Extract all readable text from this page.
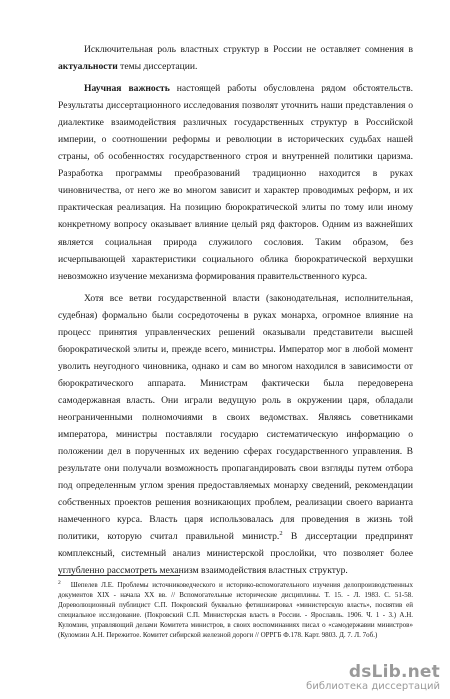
Исключительная роль властных структур в России не оставляет сомнения в актуальности темы диссертации.

Научная важность настоящей работы обусловлена рядом обстоятельств. Результаты диссертационного исследования позволят уточнить наши представления о диалектике взаимодействия различных государственных структур в Российской империи, о соотношении реформы и революции в исторических судьбах нашей страны, об особенностях государственного строя и внутренней политики царизма. Разработка программы преобразований традиционно находится в руках чиновничества, от него же во многом зависит и характер проводимых реформ, и их практическая реализация. На позицию бюрократической элиты по тому или иному конкретному вопросу оказывает влияние целый ряд факторов. Одним из важнейших является социальная природа служилого сословия. Таким образом, без исчерпывающей характеристики социального облика бюрократической верхушки невозможно изучение механизма формирования правительственного курса.

Хотя все ветви государственной власти (законодательная, исполнительная, судебная) формально были сосредоточены в руках монарха, огромное влияние на процесс принятия управленческих решений оказывали представители высшей бюрократической элиты и, прежде всего, министры. Император мог в любой момент уволить неугодного чиновника, однако и сам во многом находился в зависимости от бюрократического аппарата. Министрам фактически была передоверена самодержавная власть. Они играли ведущую роль в окружении царя, обладали неограниченными полномочиями в своих ведомствах. Являясь советниками императора, министры поставляли государю систематическую информацию о положении дел в порученных их ведению сферах государственного управления. В результате они получали возможность пропагандировать свои взгляды путем отбора под определенным углом зрения предоставляемых монарху сведений, рекомендации собственных проектов решения возникающих проблем, реализации своего варианта намеченного курса. Власть царя использовалась для проведения в жизнь той политики, которую считал правильной министр.$^2$ В диссертации предпринят комплексный, системный анализ министерской прослойки, что позволяет более углубленно рассмотреть механизм взаимодействия властных структур.

$^2$ Шепелев Л.Е. Проблемы источниковедческого и историко-вспомогательного изучения делопроизводственных документов XIX - начала XX вв. // Вспомогательные исторические дисциплины. Т. 15. - Л. 1983. С. 51-58. Дореволюционный публицист С.П. Покровский буквально фетишизировал «министерскую власть», посвятив ей специальное исследование. (Покровский С.П. Министерская власть в России. - Ярославль. 1906. Ч. 1 - 3.) А.Н. Куломзин, управляющий делами Комитета министров, в своих воспоминаниях писал о «самодержавии министров» (Куломзин А.Н. Пережитое. Комитет сибирской железной дороги // ОРРГБ Ф.178. Карт. 9803. Д. 7. Л. 7об.)
dsLib.net
библиотека диссертаций
